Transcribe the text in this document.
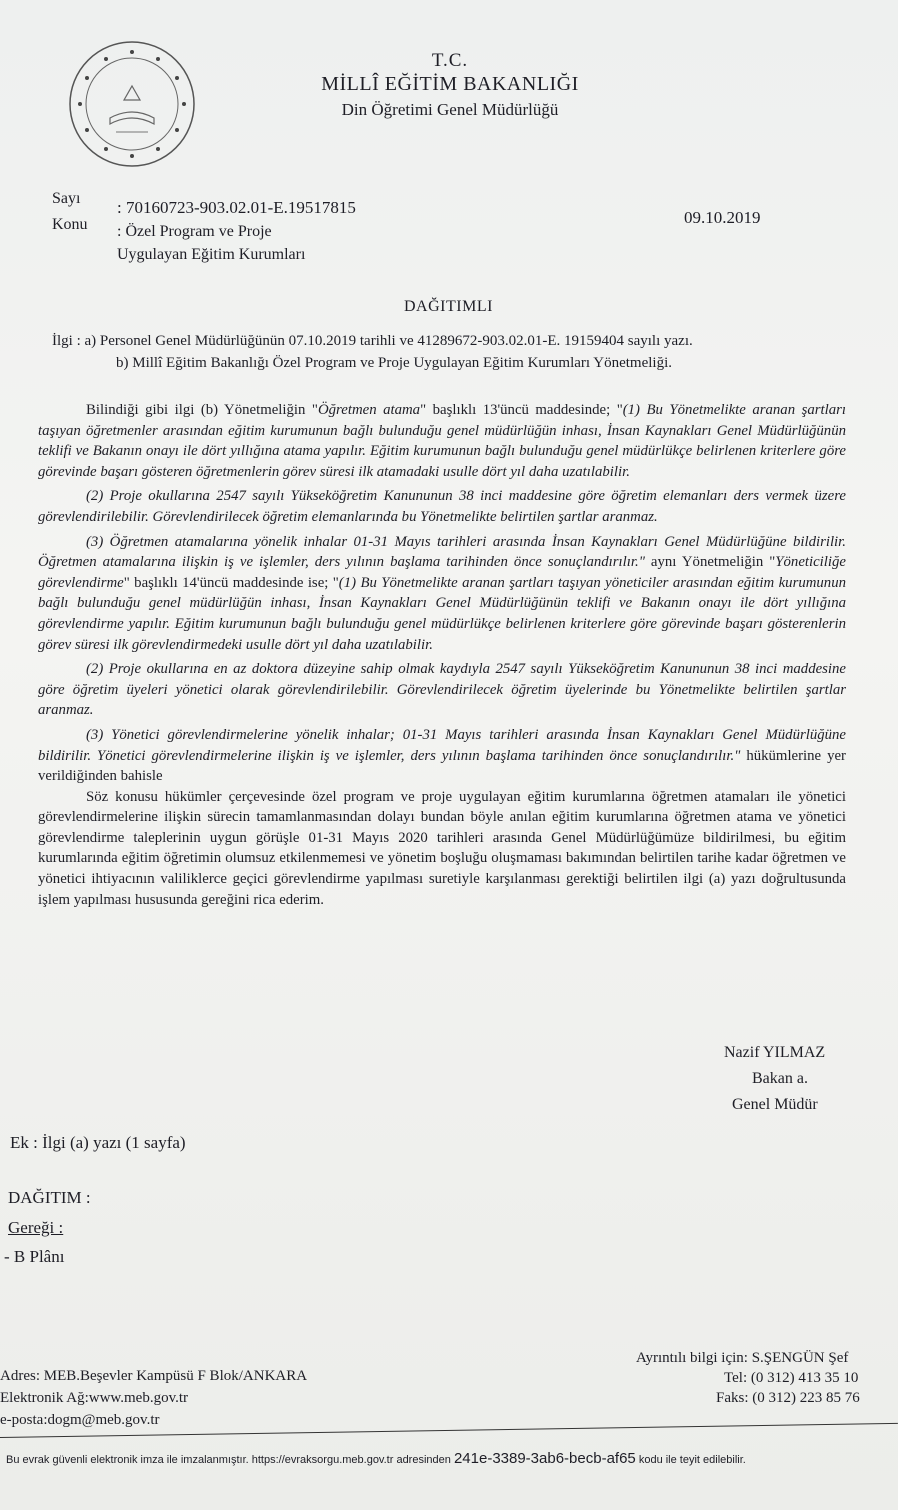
T.C.
MİLLÎ EĞİTİM BAKANLIĞI
Din Öğretimi Genel Müdürlüğü
Sayı : 70160723-903.02.01-E.19517815
Konu : Özel Program ve Proje
Uygulayan Eğitim Kurumları
09.10.2019
DAĞITIMLI
İlgi : a) Personel Genel Müdürlüğünün 07.10.2019 tarihli ve 41289672-903.02.01-E. 19159404 sayılı yazı.
b) Millî Eğitim Bakanlığı Özel Program ve Proje Uygulayan Eğitim Kurumları Yönetmeliği.

Bilindiği gibi ilgi (b) Yönetmeliğin "Öğretmen atama" başlıklı 13'üncü maddesinde; "(1) Bu Yönetmelikte aranan şartları taşıyan öğretmenler arasından eğitim kurumunun bağlı bulunduğu genel müdürlüğün inhası, İnsan Kaynakları Genel Müdürlüğünün teklifi ve Bakanın onayı ile dört yıllığına atama yapılır. Eğitim kurumunun bağlı bulunduğu genel müdürlükçe belirlenen kriterlere göre görevinde başarı gösteren öğretmenlerin görev süresi ilk atamadaki usulle dört yıl daha uzatılabilir.

(2) Proje okullarına 2547 sayılı Yükseköğretim Kanununun 38 inci maddesine göre öğretim elemanları ders vermek üzere görevlendirilebilir. Görevlendirilecek öğretim elemanlarında bu Yönetmelikte belirtilen şartlar aranmaz.

(3) Öğretmen atamalarına yönelik inhalar 01-31 Mayıs tarihleri arasında İnsan Kaynakları Genel Müdürlüğüne bildirilir. Öğretmen atamalarına ilişkin iş ve işlemler, ders yılının başlama tarihinden önce sonuçlandırılır." aynı Yönetmeliğin "Yöneticiliğe görevlendirme" başlıklı 14'üncü maddesinde ise; "(1) Bu Yönetmelikte aranan şartları taşıyan yöneticiler arasından eğitim kurumunun bağlı bulunduğu genel müdürlüğün inhası, İnsan Kaynakları Genel Müdürlüğünün teklifi ve Bakanın onayı ile dört yıllığına görevlendirme yapılır. Eğitim kurumunun bağlı bulunduğu genel müdürlükçe belirlenen kriterlere göre görevinde başarı gösterenlerin görev süresi ilk görevlendirmedeki usulle dört yıl daha uzatılabilir.

(2) Proje okullarına en az doktora düzeyine sahip olmak kaydıyla 2547 sayılı Yükseköğretim Kanununun 38 inci maddesine göre öğretim üyeleri yönetici olarak görevlendirilebilir. Görevlendirilecek öğretim üyelerinde bu Yönetmelikte belirtilen şartlar aranmaz.

(3) Yönetici görevlendirmelerine yönelik inhalar; 01-31 Mayıs tarihleri arasında İnsan Kaynakları Genel Müdürlüğüne bildirilir. Yönetici görevlendirmelerine ilişkin iş ve işlemler, ders yılının başlama tarihinden önce sonuçlandırılır." hükümlerine yer verildiğinden bahisle

Söz konusu hükümler çerçevesinde özel program ve proje uygulayan eğitim kurumlarına öğretmen atamaları ile yönetici görevlendirmelerine ilişkin sürecin tamamlanmasından dolayı bundan böyle anılan eğitim kurumlarına öğretmen atama ve yönetici görevlendirme taleplerinin uygun görüşle 01-31 Mayıs 2020 tarihleri arasında Genel Müdürlüğümüze bildirilmesi, bu eğitim kurumlarında eğitim öğretimin olumsuz etkilenmemesi ve yönetim boşluğu oluşmaması bakımından belirtilen tarihe kadar öğretmen ve yönetici ihtiyacının valiliklerce geçici görevlendirme yapılması suretiyle karşılanması gerektiği belirtilen ilgi (a) yazı doğrultusunda işlem yapılması hususunda gereğini rica ederim.

Nazif YILMAZ
Bakan a.
Genel Müdür
Ek : İlgi (a) yazı (1 sayfa)
DAĞITIM :
Gereği :
- B Plânı
Adres: MEB.Beşevler Kampüsü F Blok/ANKARA
Elektronik Ağ:www.meb.gov.tr
e-posta:dogm@meb.gov.tr
Ayrıntılı bilgi için: S.ŞENGÜN Şef
Tel: (0 312) 413 35 10
Faks: (0 312) 223 85 76
Bu evrak güvenli elektronik imza ile imzalanmıştır. https://evraksorgu.meb.gov.tr adresinden 241e-3389-3ab6-becb-af65 kodu ile teyit edilebilir.
